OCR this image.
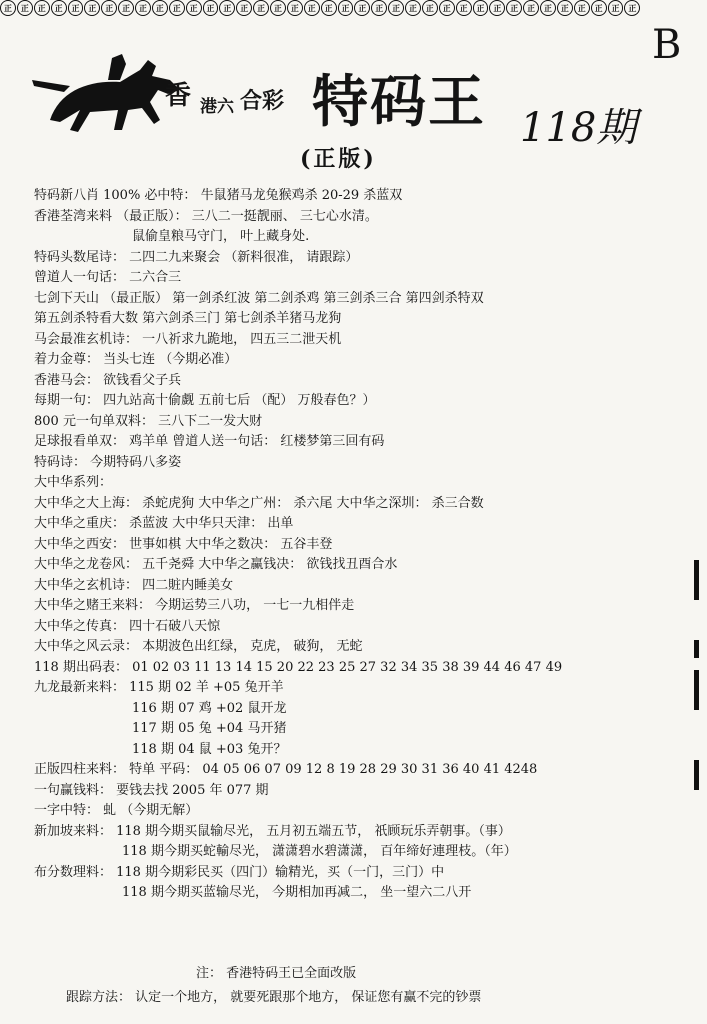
香 港六 合彩 特码王 118期
B
(正版)
正	正	正	正	正	正	正	正	正	正	正	正	正	正	正	正	正	正	正	正	正	正	正	正	正	正	正	正	正	正	正	正	正	正	正	正	正	正
特码新八肖 100% 必中特： 牛鼠猪马龙兔猴鸡杀 20-29 杀蓝双
香港荃湾来料 （最正版）： 三八二一挺靓丽、 三七心水清。
鼠偷皇粮马守门， 叶上藏身处.
特码头数尾诗： 二四二九来聚会 （新料很准， 请跟踪）
曾道人一句话： 二六合三
七剑下天山 （最正版） 第一剑杀红波 第二剑杀鸡 第三剑杀三合 第四剑杀特双
第五剑杀特看大数 第六剑杀三门 第七剑杀羊猪马龙狗
马会最准玄机诗： 一八祈求九跪地， 四五三二泄天机
着力金尊： 当头七连 （今期必准）
香港马会： 欲钱看父子兵
每期一句： 四九站高十偷觑 五前七后 （配） 万般春色？）
800 元一句单双料： 三八下二一发大财
足球报看单双： 鸡羊单 曾道人送一句话： 红楼梦第三回有码
特码诗： 今期特码八多姿
大中华系列：
大中华之大上海： 杀蛇虎狗 大中华之广州： 杀六尾 大中华之深圳： 杀三合数
大中华之重庆： 杀蓝波 大中华只天津： 出单
大中华之西安： 世事如棋 大中华之数决： 五谷丰登
大中华之龙卷风： 五千尧舜 大中华之赢钱决： 欲钱找丑酉合水
大中华之玄机诗： 四二賍内睡美女
大中华之赌王来料： 今期运势三八功， 一七一九相伴走
大中华之传真： 四十石破八天惊
大中华之风云录： 本期波色出红绿， 克虎， 破狗， 无蛇
118 期出码表： 01 02 03 11 13 14 15 20 22 23 25 27 32 34 35 38 39 44 46 47 49
九龙最新来料： 115 期 02 羊 +05 兔开羊
116 期 07 鸡 +02 鼠开龙
117 期 05 兔 +04 马开猪
118 期 04 鼠 +03 兔开？
正版四柱来料： 特单 平码： 04 05 06 07 09 12 8 19 28 29 30 31 36 40 41 4248
一句赢钱料： 要钱去找 2005 年 077 期
一字中特： 虬 （今期无解）
新加坡来料： 118 期今期买鼠输尽光， 五月初五端五节， 祇顾玩乐弄朝事。（事）
118 期今期买蛇輸尽光， 潇潇碧水碧潇潇， 百年缔好連理枝。（年）
布分数理料： 118 期今期彩民买（四门）输精光，买（一门，三门）中
118 期今期买蓝输尽光， 今期相加再减二， 坐一望六二八开
注： 香港特码王已全面改版
跟踪方法： 认定一个地方， 就要死跟那个地方， 保证您有赢不完的钞票
